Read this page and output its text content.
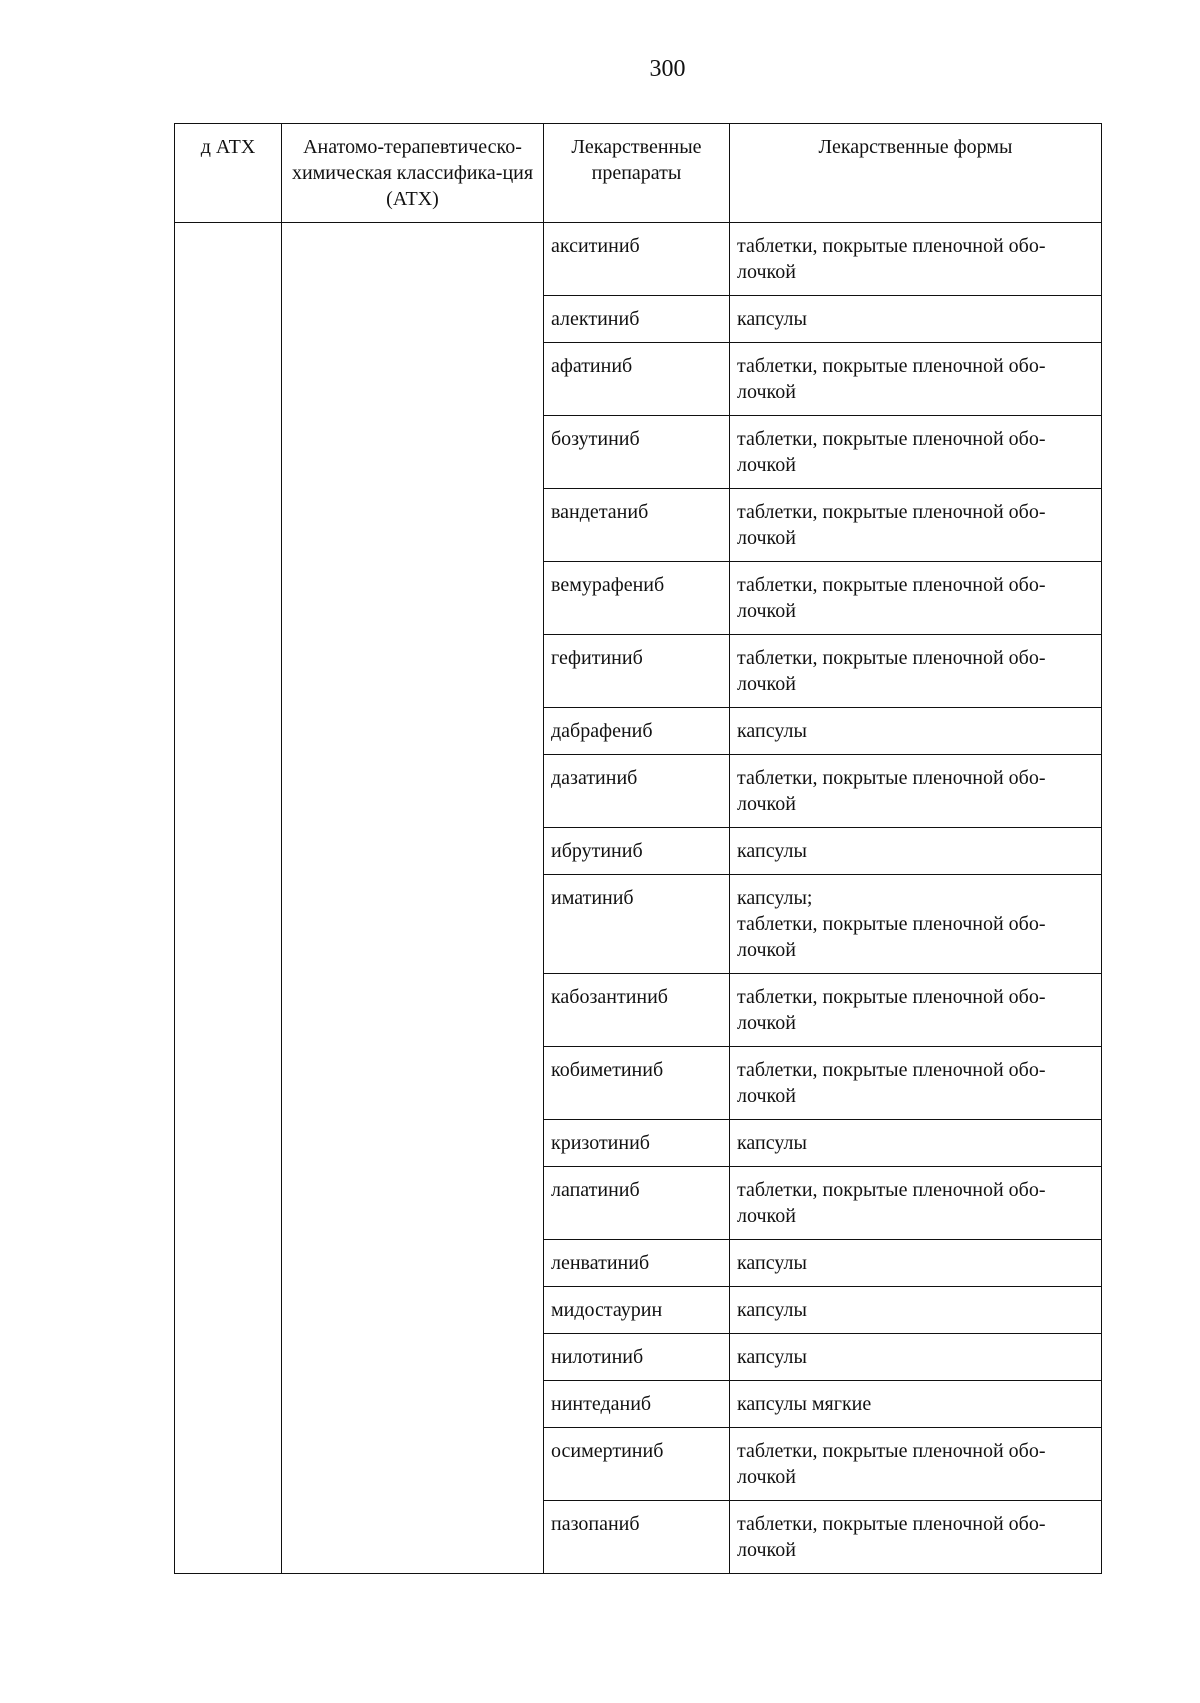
300
д АТХ	Анатомо-терапевтическо-химическая классифика-ция (АТХ)	Лекарственные препараты	Лекарственные формы
		акситиниб	таблетки, покрытые пленочной обо-лочкой

		алектиниб	капсулы

		афатиниб	таблетки, покрытые пленочной обо-лочкой

		бозутиниб	таблетки, покрытые пленочной обо-лочкой

		вандетаниб	таблетки, покрытые пленочной обо-лочкой

		вемурафениб	таблетки, покрытые пленочной обо-лочкой

		гефитиниб	таблетки, покрытые пленочной обо-лочкой

		дабрафениб	капсулы

		дазатиниб	таблетки, покрытые пленочной обо-лочкой

		ибрутиниб	капсулы

		иматиниб	капсулы;
таблетки, покрытые пленочной обо-лочкой

		кабозантиниб	таблетки, покрытые пленочной обо-лочкой

		кобиметиниб	таблетки, покрытые пленочной обо-лочкой

		кризотиниб	капсулы

		лапатиниб	таблетки, покрытые пленочной обо-лочкой

		ленватиниб	капсулы

		мидостаурин	капсулы

		нилотиниб	капсулы

		нинтеданиб	капсулы мягкие

		осимертиниб	таблетки, покрытые пленочной обо-лочкой

		пазопаниб	таблетки, покрытые пленочной обо-лочкой
